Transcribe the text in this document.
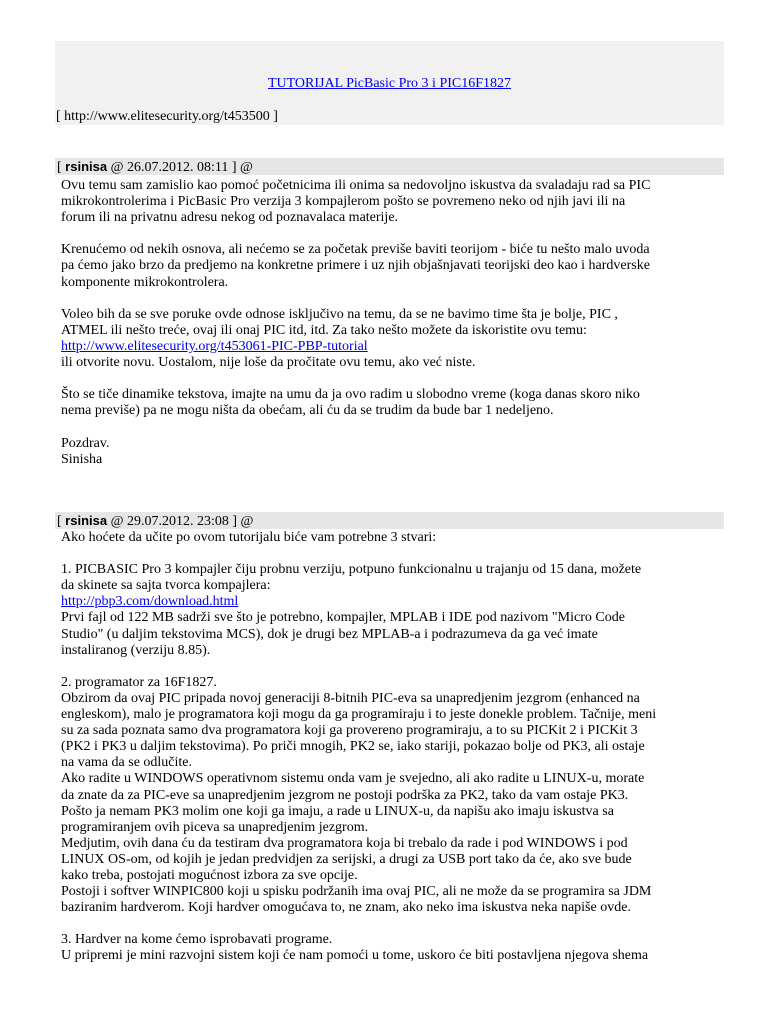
TUTORIJAL PicBasic Pro 3 i PIC16F1827
[ http://www.elitesecurity.org/t453500 ]
[ rsinisa @ 26.07.2012. 08:11 ] @
Ovu temu sam zamislio kao pomoć početnicima ili onima sa nedovoljno iskustva da svaladaju rad sa PIC
mikrokontrolerima i PicBasic Pro verzija 3 kompajlerom pošto se povremeno neko od njih javi ili na
forum ili na privatnu adresu nekog od poznavalaca materije.
Krenućemo od nekih osnova, ali nećemo se za početak previše baviti teorijom - biće tu nešto malo uvoda
pa ćemo jako brzo da predjemo na konkretne primere i uz njih objašnjavati teorijski deo kao i hardverske
komponente mikrokontrolera.
Voleo bih da se sve poruke ovde odnose isključivo na temu, da se ne bavimo time šta je bolje, PIC ,
ATMEL ili nešto treće, ovaj ili onaj PIC itd, itd. Za tako nešto možete da iskoristite ovu temu:
http://www.elitesecurity.org/t453061-PIC-PBP-tutorial
ili otvorite novu. Uostalom, nije loše da pročitate ovu temu, ako već niste.
Što se tiče dinamike tekstova, imajte na umu da ja ovo radim u slobodno vreme (koga danas skoro niko
nema previše) pa ne mogu ništa da obećam, ali ću da se trudim da bude bar 1 nedeljeno.
Pozdrav.
Sinisha
[ rsinisa @ 29.07.2012. 23:08 ] @
Ako hoćete da učite po ovom tutorijalu biće vam potrebne 3 stvari:
1. PICBASIC Pro 3 kompajler čiju probnu verziju, potpuno funkcionalnu u trajanju od 15 dana, možete
da skinete sa sajta tvorca kompajlera:
http://pbp3.com/download.html
Prvi fajl od 122 MB sadrži sve što je potrebno, kompajler, MPLAB i IDE pod nazivom "Micro Code
Studio" (u daljim tekstovima MCS), dok je drugi bez MPLAB-a i podrazumeva da ga već imate
instaliranog (verziju 8.85).
2. programator za 16F1827.
Obzirom da ovaj PIC pripada novoj generaciji 8-bitnih PIC-eva sa unapredjenim jezgrom (enhanced na
engleskom), malo je programatora koji mogu da ga programiraju i to jeste donekle problem. Tačnije, meni
su za sada poznata samo dva programatora koji ga provereno programiraju, a to su PICKit 2 i PICKit 3
(PK2 i PK3 u daljim tekstovima). Po priči mnogih, PK2 se, iako stariji, pokazao bolje od PK3, ali ostaje
na vama da se odlučite.
Ako radite u WINDOWS operativnom sistemu onda vam je svejedno, ali ako radite u LINUX-u, morate
da znate da za PIC-eve sa unapredjenim jezgrom ne postoji podrška za PK2, tako da vam ostaje PK3.
Pošto ja nemam PK3 molim one koji ga imaju, a rade u LINUX-u, da napišu ako imaju iskustva sa
programiranjem ovih piceva sa unapredjenim jezgrom.
Medjutim, ovih dana ću da testiram dva programatora koja bi trebalo da rade i pod WINDOWS i pod
LINUX OS-om, od kojih je jedan predvidjen za serijski, a drugi za USB port tako da će, ako sve bude
kako treba, postojati mogućnost izbora za sve opcije.
Postoji i softver WINPIC800 koji u spisku podržanih ima ovaj PIC, ali ne može da se programira sa JDM
baziranim hardverom. Koji hardver omogućava to, ne znam, ako neko ima iskustva neka napiše ovde.
3. Hardver na kome ćemo isprobavati programe.
U pripremi je mini razvojni sistem koji će nam pomoći u tome, uskoro će biti postavljena njegova shema
